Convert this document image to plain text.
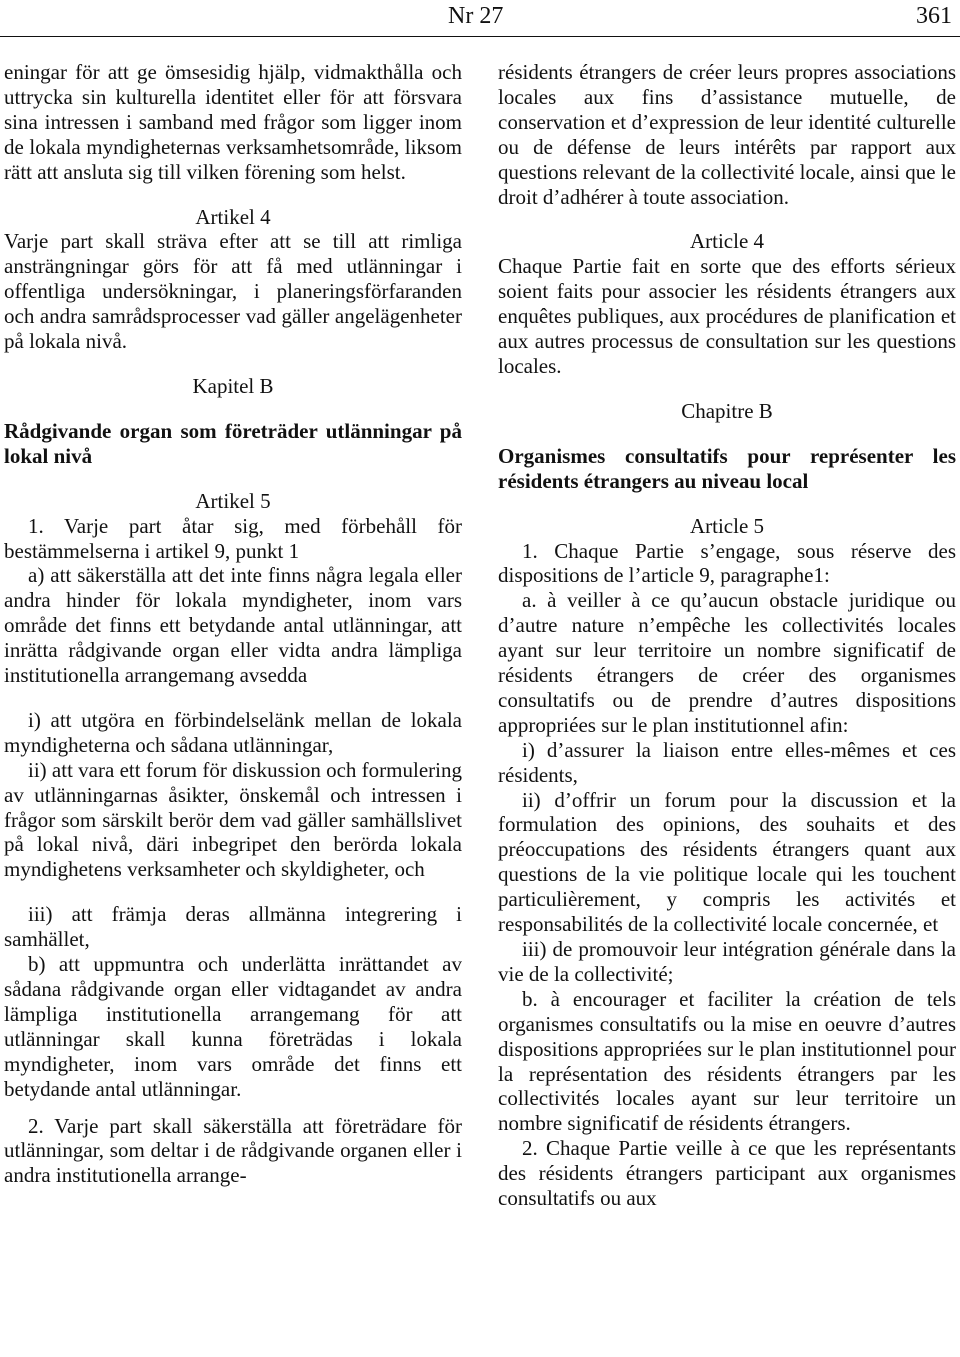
Nr 27	361

eningar för att ge ömsesidig hjälp, vidmakthålla och uttrycka sin kulturella identitet eller för att försvara sina intressen i samband med frågor som ligger inom de lokala myndigheternas verksamhetsområde, liksom rätt att ansluta sig till vilken förening som helst.

Artikel 4

Varje part skall sträva efter att se till att rimliga ansträngningar görs för att få med utlänningar i offentliga undersökningar, i planeringsförfaranden och andra samrådsprocesser vad gäller angelägenheter på lokala nivå.

Kapitel B

Rådgivande organ som företräder utlänningar på lokal nivå

Artikel 5

1. Varje part åtar sig, med förbehåll för bestämmelserna i artikel 9, punkt 1

a) att säkerställa att det inte finns några legala eller andra hinder för lokala myndigheter, inom vars område det finns ett betydande antal utlänningar, att inrätta rådgivande organ eller vidta andra lämpliga institutionella arrangemang avsedda

i) att utgöra en förbindelselänk mellan de lokala myndigheterna och sådana utlänningar,

ii) att vara ett forum för diskussion och formulering av utlänningarnas åsikter, önskemål och intressen i frågor som särskilt berör dem vad gäller samhällslivet på lokal nivå, däri inbegripet den berörda lokala myndighetens verksamheter och skyldigheter, och

iii) att främja deras allmänna integrering i samhället,

b) att uppmuntra och underlätta inrättandet av sådana rådgivande organ eller vidtagandet av andra lämpliga institutionella arrangemang för att utlänningar skall kunna företrädas i lokala myndigheter, inom vars område det finns ett betydande antal utlänningar.

2. Varje part skall säkerställa att företrädare för utlänningar, som deltar i de rådgivande organen eller i andra institutionella arrange-

résidents étrangers de créer leurs propres associations locales aux fins d’assistance mutuelle, de conservation et d’expression de leur identité culturelle ou de défense de leurs intérêts par rapport aux questions relevant de la collectivité locale, ainsi que le droit d’adhérer à toute association.

Article 4

Chaque Partie fait en sorte que des efforts sérieux soient faits pour associer les résidents étrangers aux enquêtes publiques, aux procédures de planification et aux autres processus de consultation sur les questions locales.

Chapitre B

Organismes consultatifs pour représenter les résidents étrangers au niveau local

Article 5

1. Chaque Partie s’engage, sous réserve des dispositions de l’article 9, paragraphe1:

a. à veiller à ce qu’aucun obstacle juridique ou d’autre nature n’empêche les collectivités locales ayant sur leur territoire un nombre significatif de résidents étrangers de créer des organismes consultatifs ou de prendre d’autres dispositions appropriées sur le plan institutionnel afin:

i) d’assurer la liaison entre elles-mêmes et ces résidents,

ii) d’offrir un forum pour la discussion et la formulation des opinions, des souhaits et des préoccupations des résidents étrangers quant aux questions de la vie politique locale qui les touchent particulièrement, y compris les activités et responsabilités de la collectivité locale concernée, et

iii) de promouvoir leur intégration générale dans la vie de la collectivité;

b. à encourager et faciliter la création de tels organismes consultatifs ou la mise en oeuvre d’autres dispositions appropriées sur le plan institutionnel pour la représentation des résidents étrangers par les collectivités locales ayant sur leur territoire un nombre significatif de résidents étrangers.

2. Chaque Partie veille à ce que les représentants des résidents étrangers participant aux organismes consultatifs ou aux
